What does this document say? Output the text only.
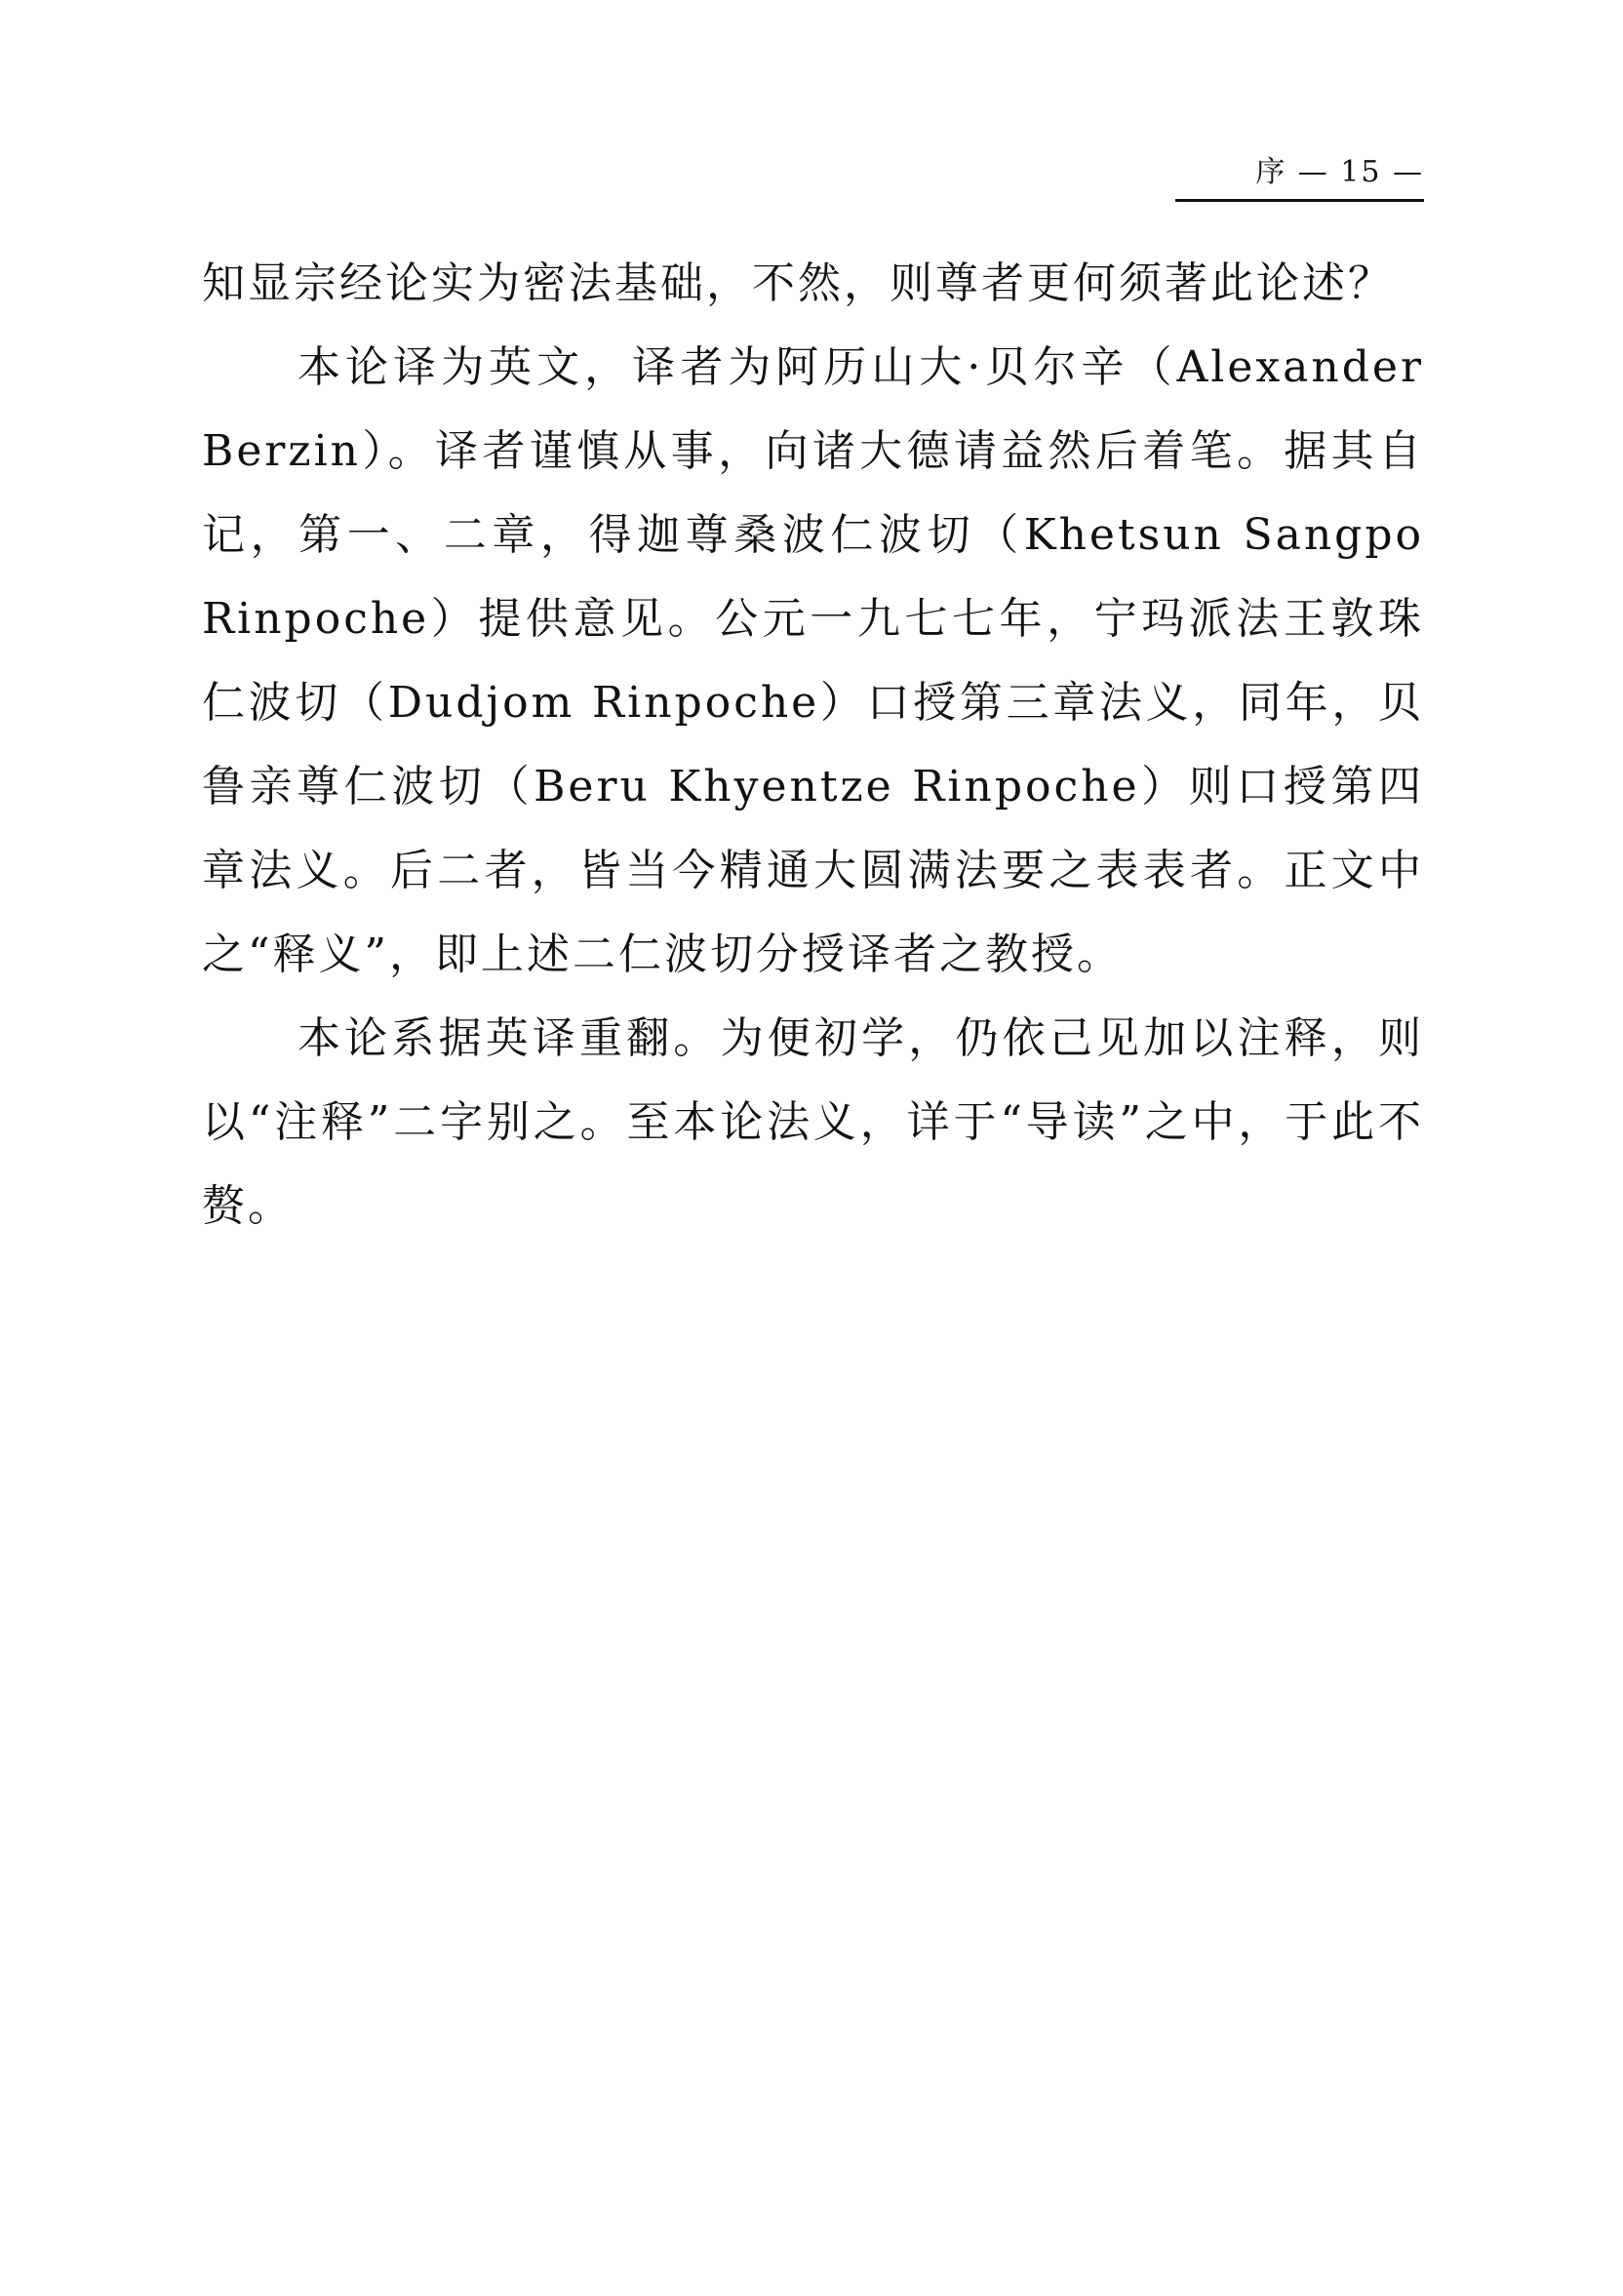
序 — 15 —

知显宗经论实为密法基础，不然，则尊者更何须著此论述？

本论译为英文，译者为阿历山大·贝尔辛（Alexander Berzin）。译者谨慎从事，向诸大德请益然后着笔。据其自记，第一、二章，得迦尊桑波仁波切（Khetsun Sangpo Rinpoche）提供意见。公元一九七七年，宁玛派法王敦珠仁波切（Dudjom Rinpoche）口授第三章法义，同年，贝鲁亲尊仁波切（Beru Khyentze Rinpoche）则口授第四章法义。后二者，皆当今精通大圆满法要之表表者。正文中之“释义”，即上述二仁波切分授译者之教授。

本论系据英译重翻。为便初学，仍依己见加以注释，则以“注释”二字别之。至本论法义，详于“导读”之中，于此不赘。
